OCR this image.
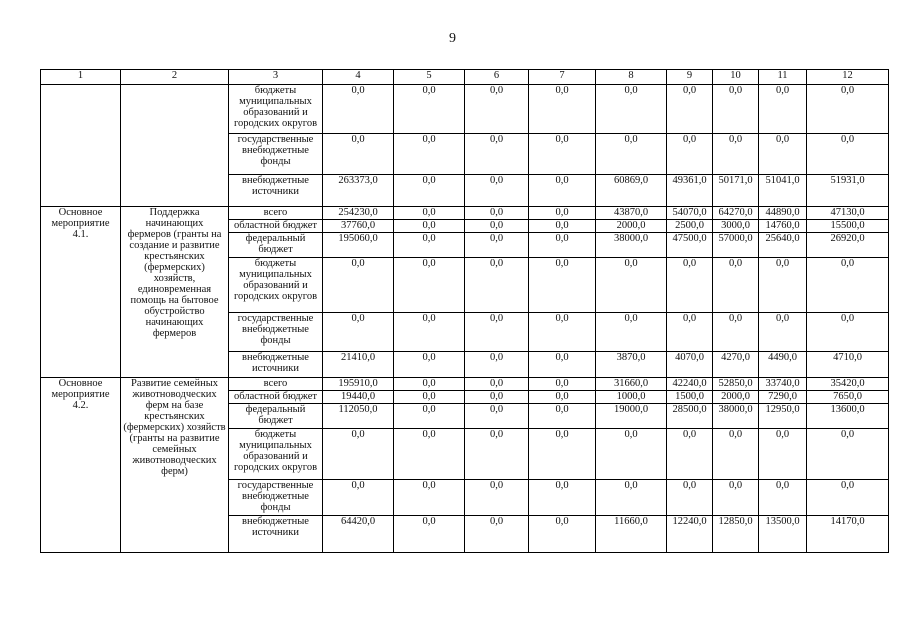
9
1	2	3	4	5	6	7	8	9	10	11	12
		бюджеты муниципальных образований и городских округов	0,0	0,0	0,0	0,0	0,0	0,0	0,0	0,0	0,0
		государственные внебюджетные фонды	0,0	0,0	0,0	0,0	0,0	0,0	0,0	0,0	0,0
		внебюджетные источники	263373,0	0,0	0,0	0,0	60869,0	49361,0	50171,0	51041,0	51931,0
Основное мероприятие 4.1.	Поддержка начинающих фермеров (гранты на создание и развитие крестьянских (фермерских) хозяйств, единовременная помощь на бытовое обустройство начинающих фермеров	всего	254230,0	0,0	0,0	0,0	43870,0	54070,0	64270,0	44890,0	47130,0
		областной бюджет	37760,0	0,0	0,0	0,0	2000,0	2500,0	3000,0	14760,0	15500,0
		федеральный бюджет	195060,0	0,0	0,0	0,0	38000,0	47500,0	57000,0	25640,0	26920,0
		бюджеты муниципальных образований и городских округов	0,0	0,0	0,0	0,0	0,0	0,0	0,0	0,0	0,0
		государственные внебюджетные фонды	0,0	0,0	0,0	0,0	0,0	0,0	0,0	0,0	0,0
		внебюджетные источники	21410,0	0,0	0,0	0,0	3870,0	4070,0	4270,0	4490,0	4710,0
Основное мероприятие 4.2.	Развитие семейных животноводческих ферм на базе крестьянских (фермерских) хозяйств (гранты на развитие семейных животноводческих ферм)	всего	195910,0	0,0	0,0	0,0	31660,0	42240,0	52850,0	33740,0	35420,0
		областной бюджет	19440,0	0,0	0,0	0,0	1000,0	1500,0	2000,0	7290,0	7650,0
		федеральный бюджет	112050,0	0,0	0,0	0,0	19000,0	28500,0	38000,0	12950,0	13600,0
		бюджеты муниципальных образований и городских округов	0,0	0,0	0,0	0,0	0,0	0,0	0,0	0,0	0,0
		государственные внебюджетные фонды	0,0	0,0	0,0	0,0	0,0	0,0	0,0	0,0	0,0
		внебюджетные источники	64420,0	0,0	0,0	0,0	11660,0	12240,0	12850,0	13500,0	14170,0
